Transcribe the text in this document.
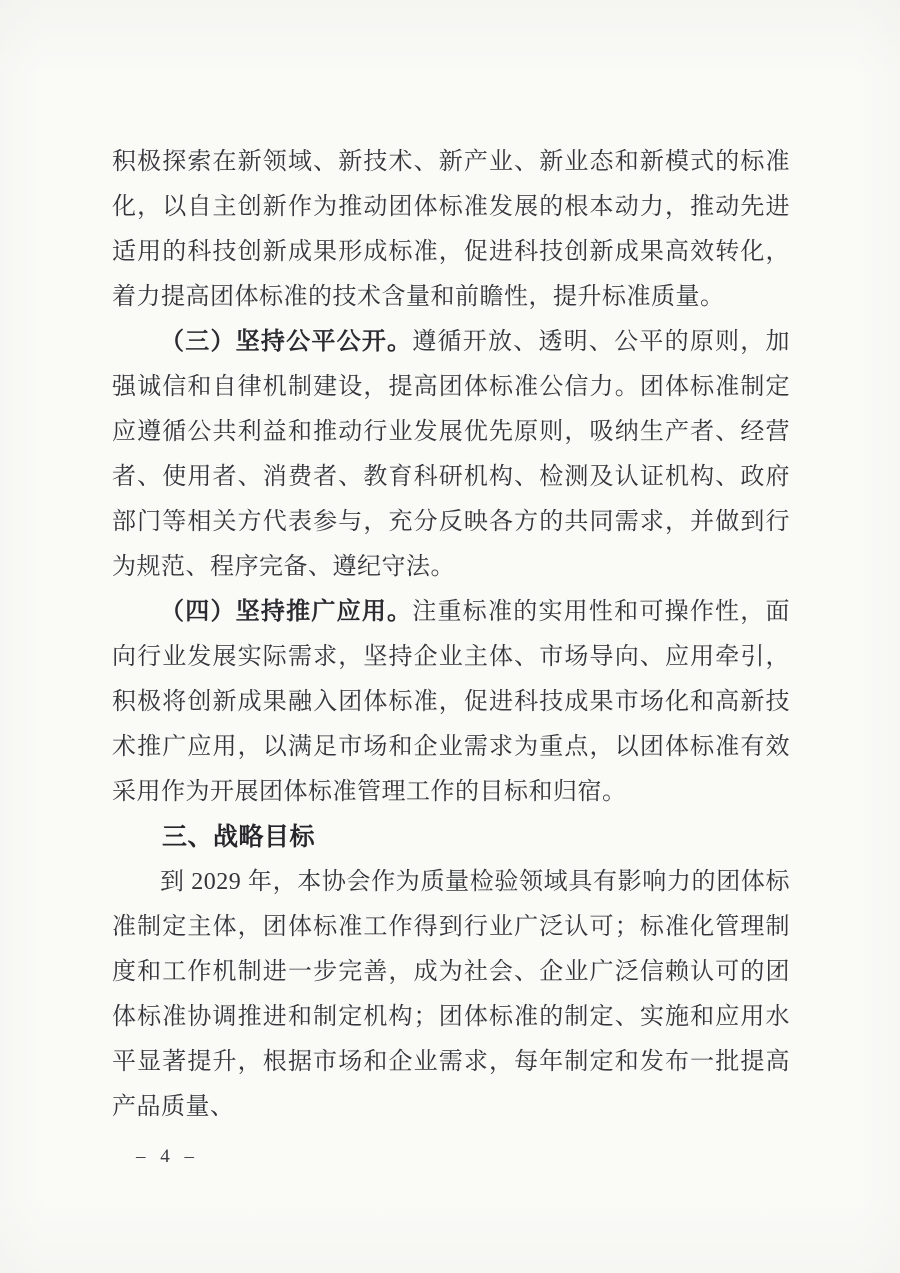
积极探索在新领域、新技术、新产业、新业态和新模式的标准化，以自主创新作为推动团体标准发展的根本动力，推动先进适用的科技创新成果形成标准，促进科技创新成果高效转化，着力提高团体标准的技术含量和前瞻性，提升标准质量。

（三）坚持公平公开。遵循开放、透明、公平的原则，加强诚信和自律机制建设，提高团体标准公信力。团体标准制定应遵循公共利益和推动行业发展优先原则，吸纳生产者、经营者、使用者、消费者、教育科研机构、检测及认证机构、政府部门等相关方代表参与，充分反映各方的共同需求，并做到行为规范、程序完备、遵纪守法。

（四）坚持推广应用。注重标准的实用性和可操作性，面向行业发展实际需求，坚持企业主体、市场导向、应用牵引，积极将创新成果融入团体标准，促进科技成果市场化和高新技术推广应用，以满足市场和企业需求为重点，以团体标准有效采用作为开展团体标准管理工作的目标和归宿。

三、战略目标

到 2029 年，本协会作为质量检验领域具有影响力的团体标准制定主体，团体标准工作得到行业广泛认可；标准化管理制度和工作机制进一步完善，成为社会、企业广泛信赖认可的团体标准协调推进和制定机构；团体标准的制定、实施和应用水平显著提升，根据市场和企业需求，每年制定和发布一批提高产品质量、

– 4 –
